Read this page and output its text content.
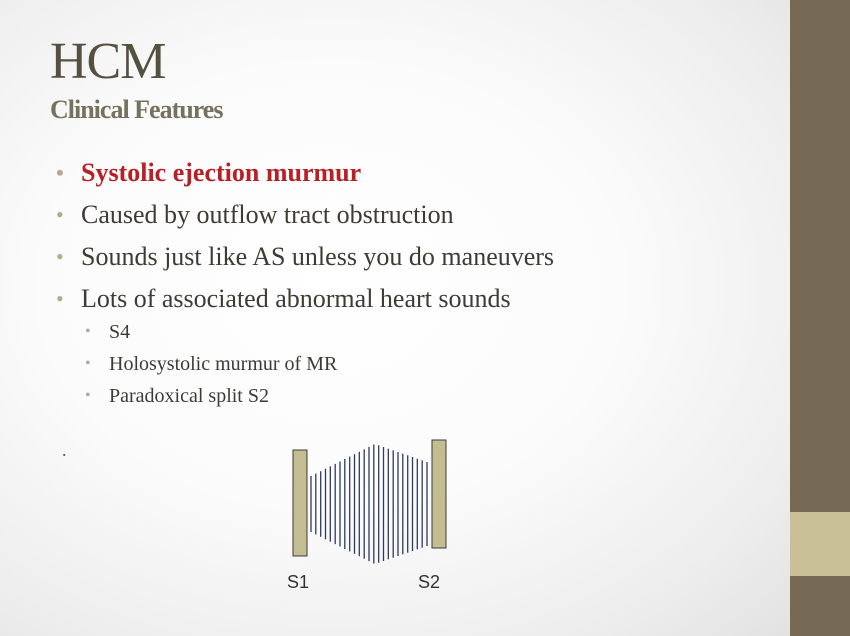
HCM
Clinical Features
• Systolic ejection murmur
• Caused by outflow tract obstruction
• Sounds just like AS unless you do maneuvers
• Lots of associated abnormal heart sounds
• S4
• Holosystolic murmur of MR
• Paradoxical split S2
.
S1	S2
